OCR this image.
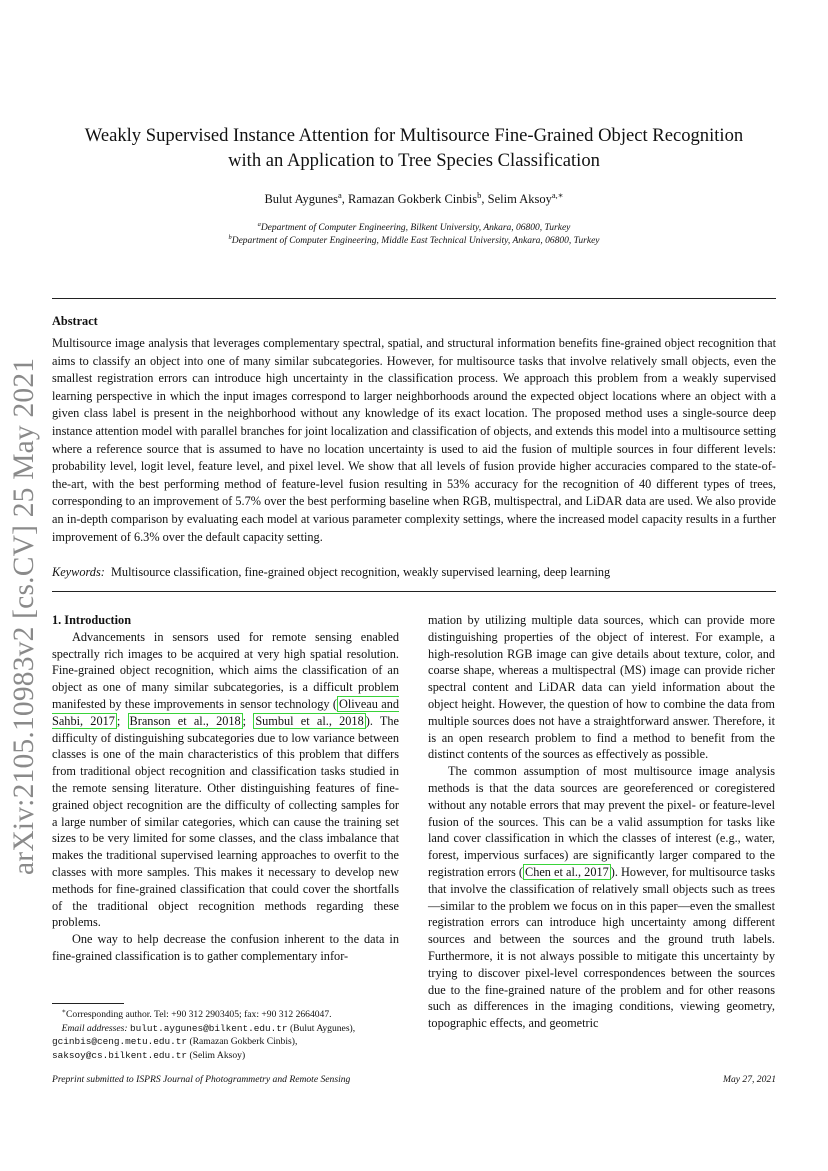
arXiv:2105.10983v2 [cs.CV] 25 May 2021
Weakly Supervised Instance Attention for Multisource Fine-Grained Object Recognition
with an Application to Tree Species Classification
Bulut Aygunes$^a$, Ramazan Gokberk Cinbis$^b$, Selim Aksoy$^{a,∗}$
$^a$Department of Computer Engineering, Bilkent University, Ankara, 06800, Turkey
$^b$Department of Computer Engineering, Middle East Technical University, Ankara, 06800, Turkey
Abstract
Multisource image analysis that leverages complementary spectral, spatial, and structural information benefits fine-grained object recognition that aims to classify an object into one of many similar subcategories. However, for multisource tasks that involve relatively small objects, even the smallest registration errors can introduce high uncertainty in the classification process. We approach this problem from a weakly supervised learning perspective in which the input images correspond to larger neighborhoods around the expected object locations where an object with a given class label is present in the neighborhood without any knowledge of its exact location. The proposed method uses a single-source deep instance attention model with parallel branches for joint localization and classification of objects, and extends this model into a multisource setting where a reference source that is assumed to have no location uncertainty is used to aid the fusion of multiple sources in four different levels: probability level, logit level, feature level, and pixel level. We show that all levels of fusion provide higher accuracies compared to the state-of-the-art, with the best performing method of feature-level fusion resulting in 53% accuracy for the recognition of 40 different types of trees, corresponding to an improvement of 5.7% over the best performing baseline when RGB, multispectral, and LiDAR data are used. We also provide an in-depth comparison by evaluating each model at various parameter complexity settings, where the increased model capacity results in a further improvement of 6.3% over the default capacity setting.
Keywords: Multisource classification, fine-grained object recognition, weakly supervised learning, deep learning

1. Introduction

Advancements in sensors used for remote sensing enabled spectrally rich images to be acquired at very high spatial resolution. Fine-grained object recognition, which aims the classification of an object as one of many similar subcategories, is a difficult problem manifested by these improvements in sensor technology ( Oliveau and Sahbi, 2017 ; Branson et al., 2018 ; Sumbul et al., 2018 ). The difficulty of distinguishing subcategories due to low variance between classes is one of the main characteristics of this problem that differs from traditional object recognition and classification tasks studied in the remote sensing literature. Other distinguishing features of fine-grained object recognition are the difficulty of collecting samples for a large number of similar categories, which can cause the training set sizes to be very limited for some classes, and the class imbalance that makes the traditional supervised learning approaches to overfit to the classes with more samples. This makes it necessary to develop new methods for fine-grained classification that could cover the shortfalls of the traditional object recognition methods regarding these problems.

One way to help decrease the confusion inherent to the data in fine-grained classification is to gather complementary infor-

mation by utilizing multiple data sources, which can provide more distinguishing properties of the object of interest. For example, a high-resolution RGB image can give details about texture, color, and coarse shape, whereas a multispectral (MS) image can provide richer spectral content and LiDAR data can yield information about the object height. However, the question of how to combine the data from multiple sources does not have a straightforward answer. Therefore, it is an open research problem to find a method to benefit from the distinct contents of the sources as effectively as possible.

The common assumption of most multisource image analysis methods is that the data sources are georeferenced or coregistered without any notable errors that may prevent the pixel- or feature-level fusion of the sources. This can be a valid assumption for tasks like land cover classification in which the classes of interest (e.g., water, forest, impervious surfaces) are significantly larger compared to the registration errors ( Chen et al., 2017 ). However, for multisource tasks that involve the classification of relatively small objects such as trees—similar to the problem we focus on in this paper—even the smallest registration errors can introduce high uncertainty among different sources and between the sources and the ground truth labels. Furthermore, it is not always possible to mitigate this uncertainty by trying to discover pixel-level correspondences between the sources due to the fine-grained nature of the problem and for other reasons such as differences in the imaging conditions, viewing geometry, topographic effects, and geometric

∗Corresponding author. Tel: +90 312 2903405; fax: +90 312 2664047.

Email addresses: bulut.aygunes@bilkent.edu.tr (Bulut Aygunes),

gcinbis@ceng.metu.edu.tr (Ramazan Gokberk Cinbis),

saksoy@cs.bilkent.edu.tr (Selim Aksoy)

Preprint submitted to ISPRS Journal of Photogrammetry and Remote Sensing	May 27, 2021
